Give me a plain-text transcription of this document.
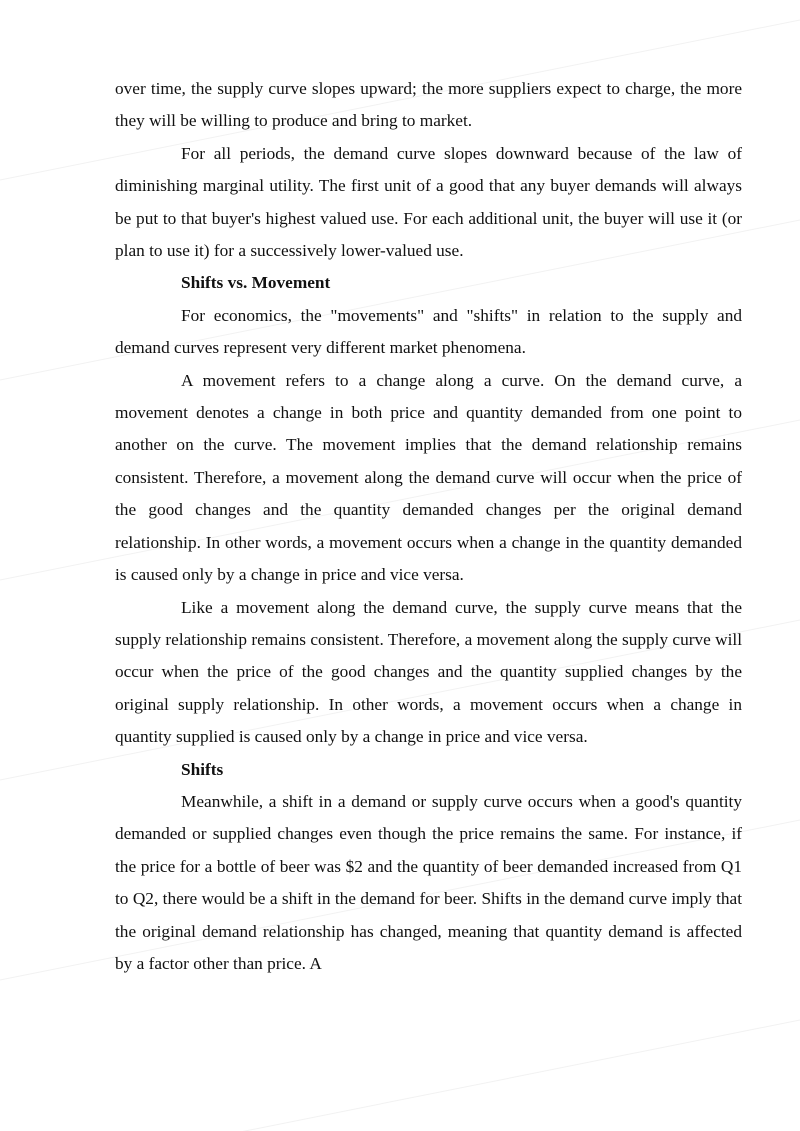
over time, the supply curve slopes upward; the more suppliers expect to charge, the more they will be willing to produce and bring to market.

For all periods, the demand curve slopes downward because of the law of diminishing marginal utility. The first unit of a good that any buyer demands will always be put to that buyer's highest valued use. For each additional unit, the buyer will use it (or plan to use it) for a successively lower-valued use.

Shifts vs. Movement

For economics, the "movements" and "shifts" in relation to the supply and demand curves represent very different market phenomena.

A movement refers to a change along a curve. On the demand curve, a movement denotes a change in both price and quantity demanded from one point to another on the curve. The movement implies that the demand relationship remains consistent. Therefore, a movement along the demand curve will occur when the price of the good changes and the quantity demanded changes per the original demand relationship. In other words, a movement occurs when a change in the quantity demanded is caused only by a change in price and vice versa.

Like a movement along the demand curve, the supply curve means that the supply relationship remains consistent. Therefore, a movement along the supply curve will occur when the price of the good changes and the quantity supplied changes by the original supply relationship. In other words, a movement occurs when a change in quantity supplied is caused only by a change in price and vice versa.

Shifts

Meanwhile, a shift in a demand or supply curve occurs when a good's quantity demanded or supplied changes even though the price remains the same. For instance, if the price for a bottle of beer was $2 and the quantity of beer demanded increased from Q1 to Q2, there would be a shift in the demand for beer. Shifts in the demand curve imply that the original demand relationship has changed, meaning that quantity demand is affected by a factor other than price. A
